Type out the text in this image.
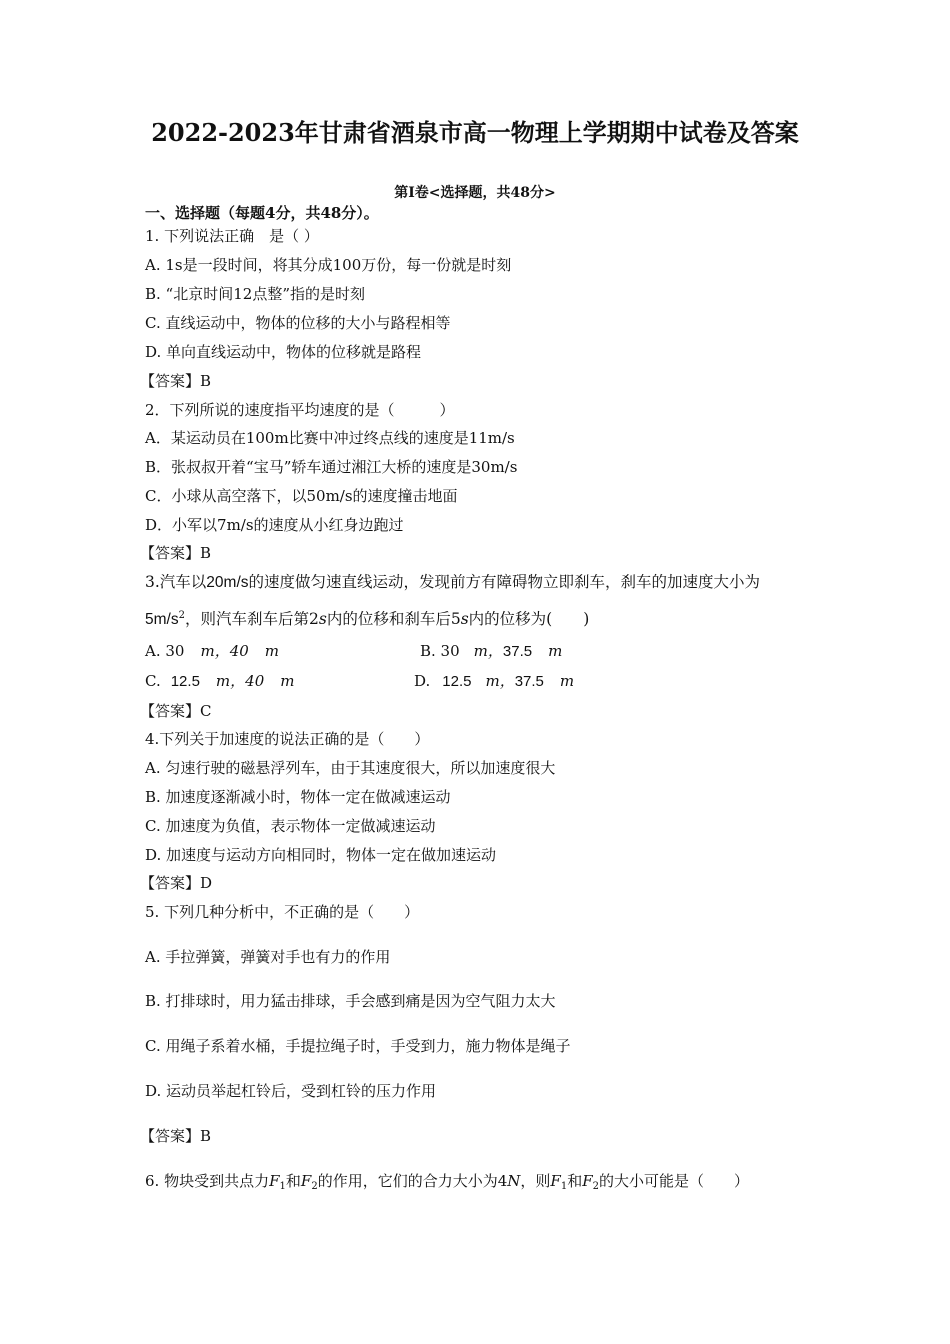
2022-2023年甘肃省酒泉市高一物理上学期期中试卷及答案
第Ⅰ卷<选择题，共48分>
一、选择题（每题4分，共48分）。
1. 下列说法正确　是（ ）
A. 1s是一段时间，将其分成100万份，每一份就是时刻
B. “北京时间12点整”指的是时刻
C. 直线运动中，物体的位移的大小与路程相等
D. 单向直线运动中，物体的位移就是路程
【答案】B
2．下列所说的速度指平均速度的是（　　　）
A．某运动员在100m比赛中冲过终点线的速度是11m/s
B．张叔叔开着“宝马”轿车通过湘江大桥的速度是30m/s
C．小球从高空落下，以50m/s的速度撞击地面
D．小军以7m/s的速度从小红身边跑过
【答案】B
3.汽车以20m/s的速度做匀速直线运动，发现前方有障碍物立即刹车，刹车的加速度大小为
$5m/s^2$，则汽车刹车后第2s内的位移和刹车后5s内的位移为(　　)
A. 30 m，40 m	B. 30 m，37.5 m
C. 12.5 m，40 m	D. 12.5 m，37.5 m
【答案】C
4.下列关于加速度的说法正确的是（　　）
A. 匀速行驶的磁悬浮列车，由于其速度很大，所以加速度很大
B. 加速度逐渐减小时，物体一定在做减速运动
C. 加速度为负值，表示物体一定做减速运动
D. 加速度与运动方向相同时，物体一定在做加速运动
【答案】D
5. 下列几种分析中，不正确的是（　　）
A. 手拉弹簧，弹簧对手也有力的作用
B. 打排球时，用力猛击排球，手会感到痛是因为空气阻力太大
C. 用绳子系着水桶，手提拉绳子时，手受到力，施力物体是绳子
D. 运动员举起杠铃后，受到杠铃的压力作用
【答案】B
6. 物块受到共点力$F_1$和$F_2$的作用，它们的合力大小为4N，则$F_1$和$F_2$的大小可能是（　　）
